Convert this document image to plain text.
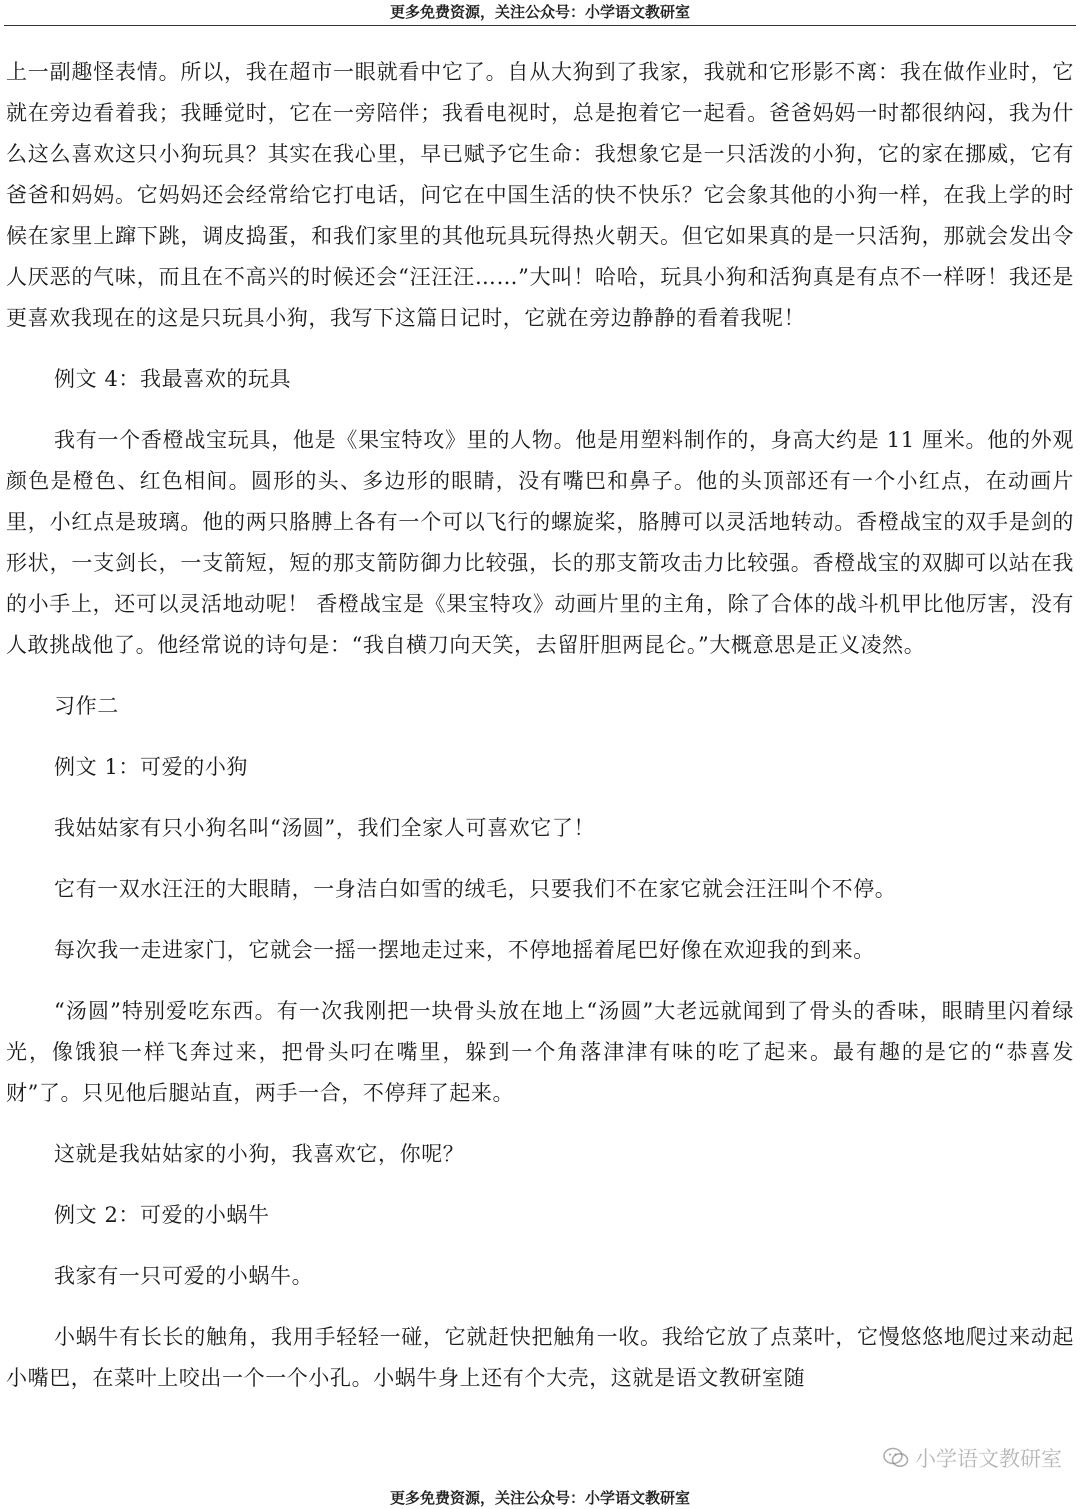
更多免费资源，关注公众号：小学语文教研室

上一副趣怪表情。所以，我在超市一眼就看中它了。自从大狗到了我家，我就和它形影不离：我在做作业时，它就在旁边看着我；我睡觉时，它在一旁陪伴；我看电视时，总是抱着它一起看。爸爸妈妈一时都很纳闷，我为什么这么喜欢这只小狗玩具？其实在我心里，早已赋予它生命：我想象它是一只活泼的小狗，它的家在挪威，它有爸爸和妈妈。它妈妈还会经常给它打电话，问它在中国生活的快不快乐？它会象其他的小狗一样，在我上学的时候在家里上蹿下跳，调皮捣蛋，和我们家里的其他玩具玩得热火朝天。但它如果真的是一只活狗，那就会发出令人厌恶的气味，而且在不高兴的时候还会“汪汪汪……”大叫！哈哈，玩具小狗和活狗真是有点不一样呀！我还是更喜欢我现在的这是只玩具小狗，我写下这篇日记时，它就在旁边静静的看着我呢！

例文 4：我最喜欢的玩具

我有一个香橙战宝玩具，他是《果宝特攻》里的人物。他是用塑料制作的，身高大约是 11 厘米。他的外观颜色是橙色、红色相间。圆形的头、多边形的眼睛，没有嘴巴和鼻子。他的头顶部还有一个小红点，在动画片里，小红点是玻璃。他的两只胳膊上各有一个可以飞行的螺旋桨，胳膊可以灵活地转动。香橙战宝的双手是剑的形状，一支剑长，一支箭短，短的那支箭防御力比较强，长的那支箭攻击力比较强。香橙战宝的双脚可以站在我的小手上，还可以灵活地动呢！ 香橙战宝是《果宝特攻》动画片里的主角，除了合体的战斗机甲比他厉害，没有人敢挑战他了。他经常说的诗句是：“我自横刀向天笑，去留肝胆两昆仑。”大概意思是正义凌然。

习作二

例文 1：可爱的小狗

我姑姑家有只小狗名叫“汤圆”，我们全家人可喜欢它了！

它有一双水汪汪的大眼睛，一身洁白如雪的绒毛，只要我们不在家它就会汪汪叫个不停。

每次我一走进家门，它就会一摇一摆地走过来，不停地摇着尾巴好像在欢迎我的到来。

“汤圆”特别爱吃东西。有一次我刚把一块骨头放在地上“汤圆”大老远就闻到了骨头的香味，眼睛里闪着绿光，像饿狼一样飞奔过来，把骨头叼在嘴里，躲到一个角落津津有味的吃了起来。最有趣的是它的“恭喜发财”了。只见他后腿站直，两手一合，不停拜了起来。

这就是我姑姑家的小狗，我喜欢它，你呢？

例文 2：可爱的小蜗牛

我家有一只可爱的小蜗牛。

小蜗牛有长长的触角，我用手轻轻一碰，它就赶快把触角一收。我给它放了点菜叶，它慢悠悠地爬过来动起小嘴巴，在菜叶上咬出一个一个小孔。小蜗牛身上还有个大壳，这就是语文教研室随

小学语文教研室
更多免费资源，关注公众号：小学语文教研室
